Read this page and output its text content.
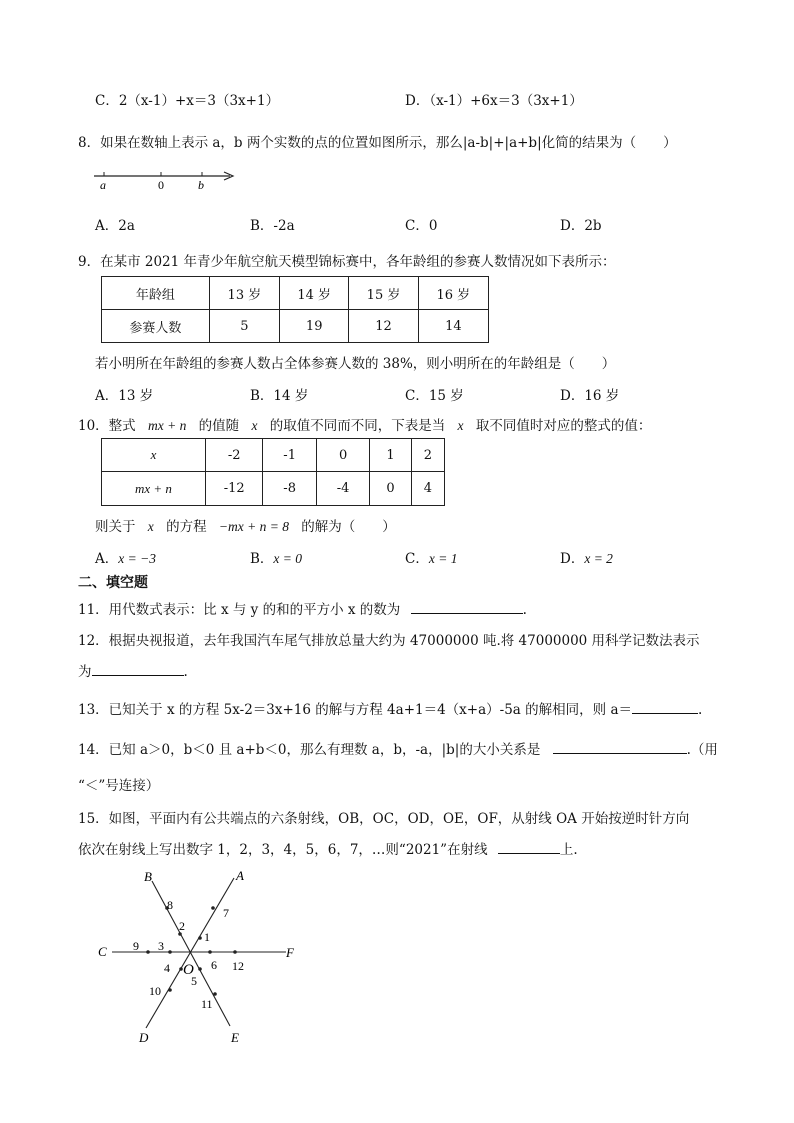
C．2（x-1）+x＝3（3x+1）	D．（x-1）+6x＝3（3x+1）
8．如果在数轴上表示 a，b 两个实数的点的位置如图所示，那么|a-b|+|a+b|化简的结果为（　　）
a	0	b
A．2a	B．-2a	C．0	D．2b
9．在某市 2021 年青少年航空航天模型锦标赛中，各年龄组的参赛人数情况如下表所示：
年龄组	13 岁	14 岁	15 岁	16 岁
参赛人数	5	19	12	14
若小明所在年龄组的参赛人数占全体参赛人数的 38%，则小明所在的年龄组是（　　）
A．13 岁	B．14 岁	C．15 岁	D．16 岁
10．整式 mx + n 的值随 x 的取值不同而不同，下表是当 x 取不同值时对应的整式的值：
x	-2	-1	0	1	2
mx + n	-12	-8	-4	0	4
则关于 x 的方程 −mx + n = 8 的解为（　　）
A．x = −3	B．x = 0	C．x = 1	D．x = 2
二、填空题
11．用代数式表示：比 x 与 y 的和的平方小 x 的数为	.
12．根据央视报道，去年我国汽车尾气排放总量大约为 47000000 吨.将 47000000 用科学记数法表示
为	.
13．已知关于 x 的方程 5x-2＝3x+16 的解与方程 4a+1＝4（x+a）-5a 的解相同，则 a＝	.
14．已知 a＞0，b＜0 且 a+b＜0，那么有理数 a，b，-a，|b|的大小关系是	.（用
“＜”号连接）
15．如图，平面内有公共端点的六条射线，OB，OC，OD，OE，OF，从射线 OA 开始按逆时针方向
依次在射线上写出数字 1，2，3，4，5，6，7，…则“2021”在射线	上.
A
B
C
D	E
F
O
1
2
3
4
5
6
7
8
9
10
11
12
